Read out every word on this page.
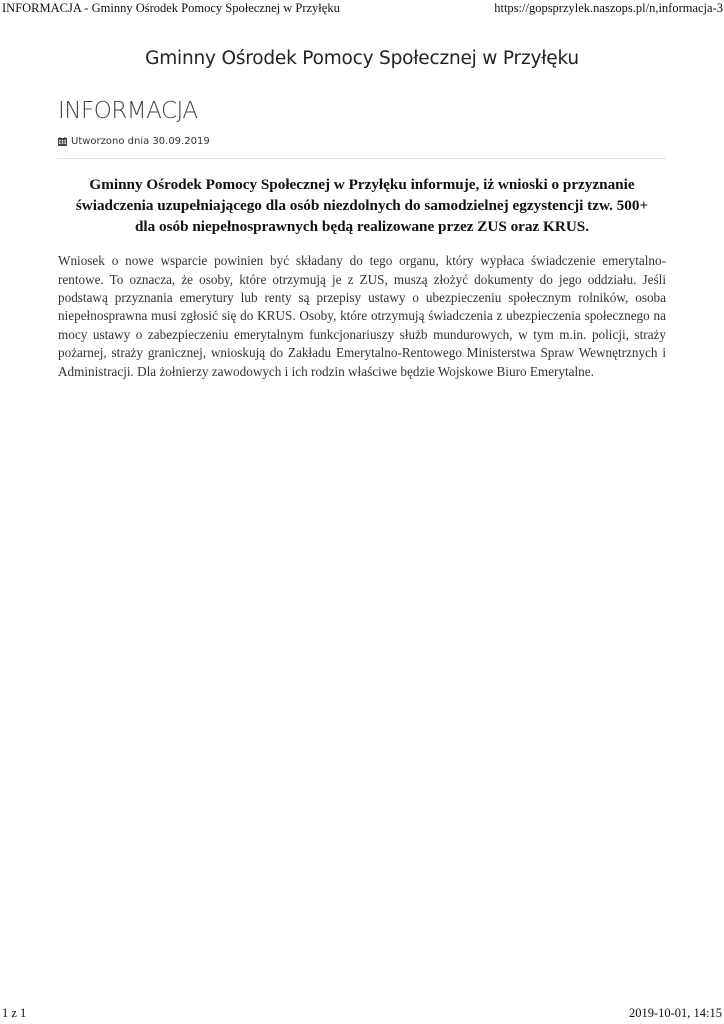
INFORMACJA - Gminny Ośrodek Pomocy Społecznej w Przyłęku	https://gopsprzylek.naszops.pl/n,informacja-3
Gminny Ośrodek Pomocy Społecznej w Przyłęku
INFORMACJA
Utworzono dnia 30.09.2019

Gminny Ośrodek Pomocy Społecznej w Przyłęku informuje, iż wnioski o przyznanie świadczenia uzupełniającego dla osób niezdolnych do samodzielnej egzystencji tzw. 500+ dla osób niepełnosprawnych będą realizowane przez ZUS oraz KRUS.

Wniosek o nowe wsparcie powinien być składany do tego organu, który wypłaca świadczenie emerytalno-rentowe. To oznacza, że osoby, które otrzymują je z ZUS, muszą złożyć dokumenty do jego oddziału. Jeśli podstawą przyznania emerytury lub renty są przepisy ustawy o ubezpieczeniu społecznym rolników, osoba niepełnosprawna musi zgłosić się do KRUS. Osoby, które otrzymują świadczenia z ubezpieczenia społecznego na mocy ustawy o zabezpieczeniu emerytalnym funkcjonariuszy służb mundurowych, w tym m.in. policji, straży pożarnej, straży granicznej, wnioskują do Zakładu Emerytalno-Rentowego Ministerstwa Spraw Wewnętrznych i Administracji. Dla żołnierzy zawodowych i ich rodzin właściwe będzie Wojskowe Biuro Emerytalne.

1 z 1	2019-10-01, 14:15
